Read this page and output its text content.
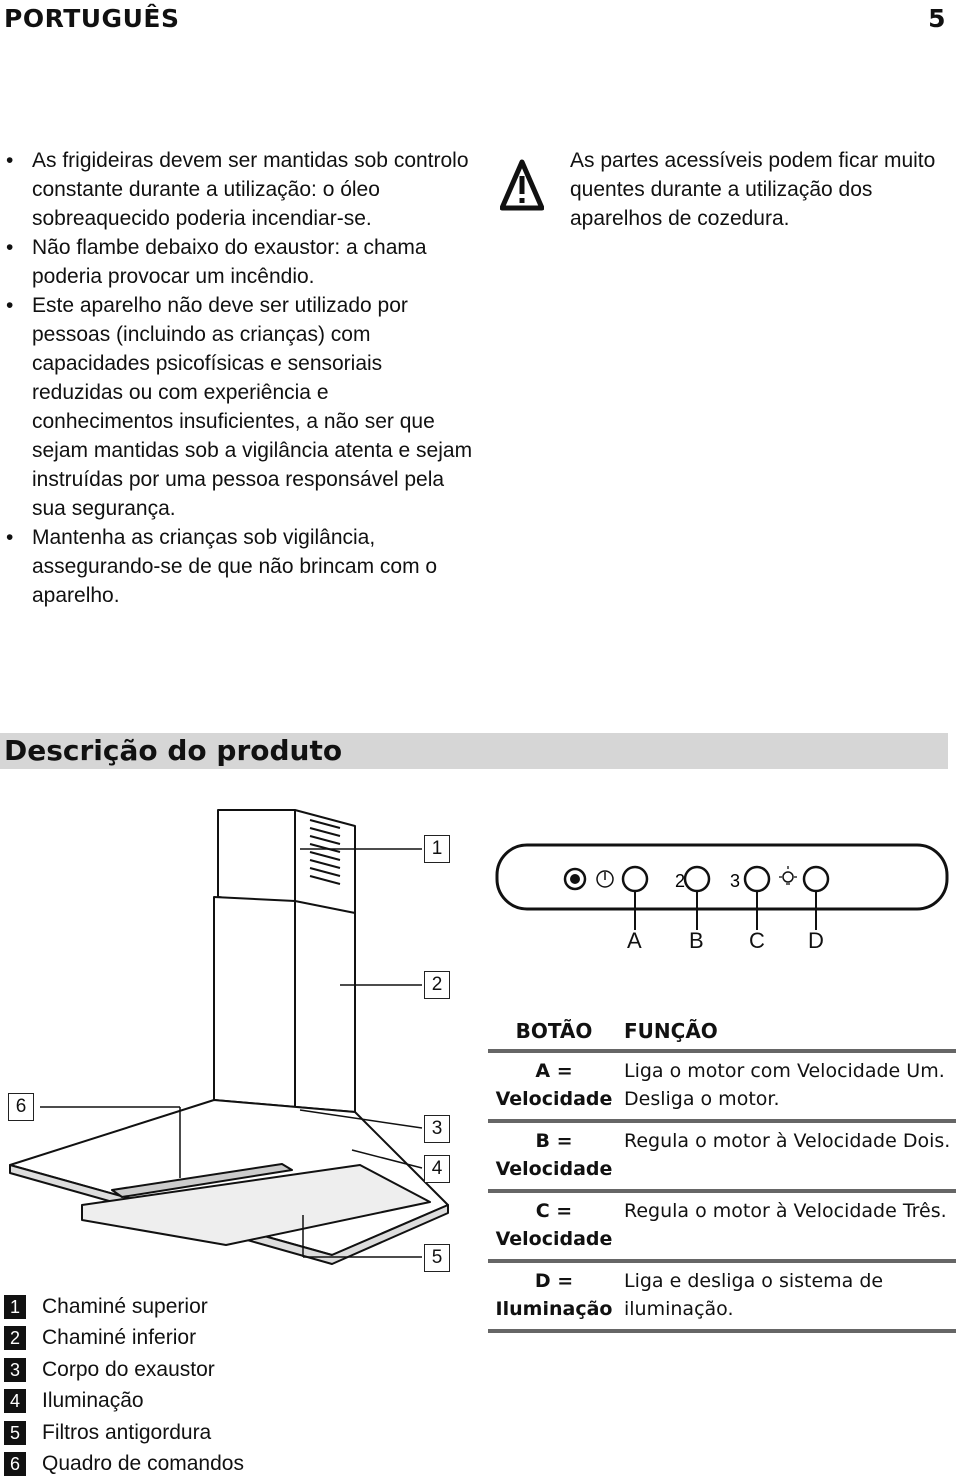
PORTUGUÊS	5
• As frigideiras devem ser mantidas sob controlo constante durante a utilização: o óleo sobreaquecido poderia incendiar-se.
• Não flambe debaixo do exaustor: a chama poderia provocar um incêndio.
• Este aparelho não deve ser utilizado por pessoas (incluindo as crianças) com capacidades psicofísicas e sensoriais reduzidas ou com experiência e conhecimentos insuficientes, a não ser que sejam mantidas sob a vigilância atenta e sejam instruídas por uma pessoa responsável pela sua segurança.
• Mantenha as crianças sob vigilância, assegurando-se de que não brincam com o aparelho.
As partes acessíveis podem ficar muito quentes durante a utilização dos aparelhos de cozedura.
Descrição do produto
2 3
1
2
3
4
5
6
A B C D
BOTÃO	FUNÇÃO
A = Velocidade	Liga o motor com Velocidade Um. Desliga o motor.
B = Velocidade	Regula o motor à Velocidade Dois.
C = Velocidade	Regula o motor à Velocidade Três.
D = Iluminação	Liga e desliga o sistema de iluminação.
1 Chaminé superior
2 Chaminé inferior
3 Corpo do exaustor
4 Iluminação
5 Filtros antigordura
6 Quadro de comandos
